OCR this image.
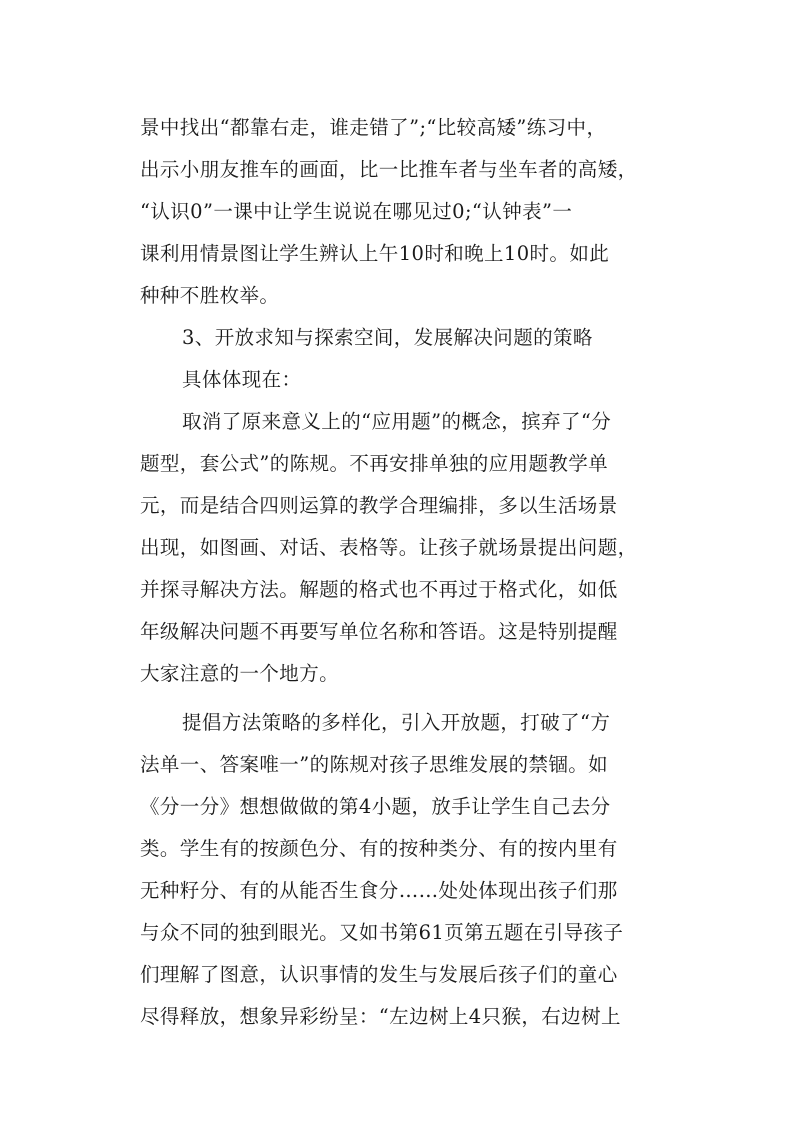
景中找出“都靠右走，谁走错了”;“比较高矮”练习中，
出示小朋友推车的画面，比一比推车者与坐车者的高矮，
“认识0”一课中让学生说说在哪见过0;“认钟表”一
课利用情景图让学生辨认上午10时和晚上10时。如此
种种不胜枚举。
3、开放求知与探索空间，发展解决问题的策略
具体体现在：
取消了原来意义上的“应用题”的概念，摈弃了“分
题型，套公式”的陈规。不再安排单独的应用题教学单
元，而是结合四则运算的教学合理编排，多以生活场景
出现，如图画、对话、表格等。让孩子就场景提出问题，
并探寻解决方法。解题的格式也不再过于格式化，如低
年级解决问题不再要写单位名称和答语。这是特别提醒
大家注意的一个地方。
提倡方法策略的多样化，引入开放题，打破了“方
法单一、答案唯一”的陈规对孩子思维发展的禁锢。如
《分一分》想想做做的第4小题，放手让学生自己去分
类。学生有的按颜色分、有的按种类分、有的按内里有
无种籽分、有的从能否生食分……处处体现出孩子们那
与众不同的独到眼光。又如书第61页第五题在引导孩子
们理解了图意，认识事情的发生与发展后孩子们的童心
尽得释放，想象异彩纷呈：“左边树上4只猴，右边树上
